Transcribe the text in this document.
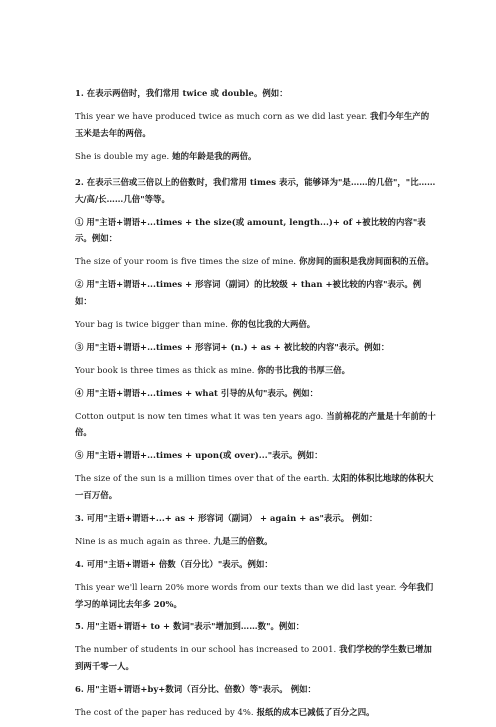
1. 在表示两倍时，我们常用 twice 或 double。例如：

This year we have produced twice as much corn as we did last year. 我们今年生产的玉米是去年的两倍。

She is double my age. 她的年龄是我的两倍。

2. 在表示三倍或三倍以上的倍数时，我们常用 times 表示，能够译为"是……的几倍"，"比……大/高/长……几倍"等等。

① 用"主语+谓语+...times + the size(或 amount, length...)+ of +被比较的内容"表示。例如：

The size of your room is five times the size of mine. 你房间的面积是我房间面积的五倍。

② 用"主语+谓语+...times + 形容词（副词）的比较级 + than +被比较的内容"表示。例如：

Your bag is twice bigger than mine. 你的包比我的大两倍。

③ 用"主语+谓语+...times + 形容词+ (n.) + as + 被比较的内容"表示。例如：

Your book is three times as thick as mine. 你的书比我的书厚三倍。

④ 用"主语+谓语+...times + what 引导的从句"表示。例如：

Cotton output is now ten times what it was ten years ago. 当前棉花的产量是十年前的十倍。

⑤ 用"主语+谓语+...times + upon(或 over)..."表示。例如：

The size of the sun is a million times over that of the earth. 太阳的体积比地球的体积大一百万倍。

3. 可用"主语+谓语+...+ as + 形容词（副词） + again + as"表示。 例如：

Nine is as much again as three. 九是三的倍数。

4. 可用"主语+谓语+ 倍数（百分比）"表示。例如：

This year we'll learn 20% more words from our texts than we did last year. 今年我们学习的单词比去年多 20%。

5. 用"主语+谓语+ to + 数词"表示"增加到……数"。例如：

The number of students in our school has increased to 2001. 我们学校的学生数已增加到两千零一人。

6. 用"主语+谓语+by+数词（百分比、倍数）等"表示。 例如：

The cost of the paper has reduced by 4%. 报纸的成本已减低了百分之四。
